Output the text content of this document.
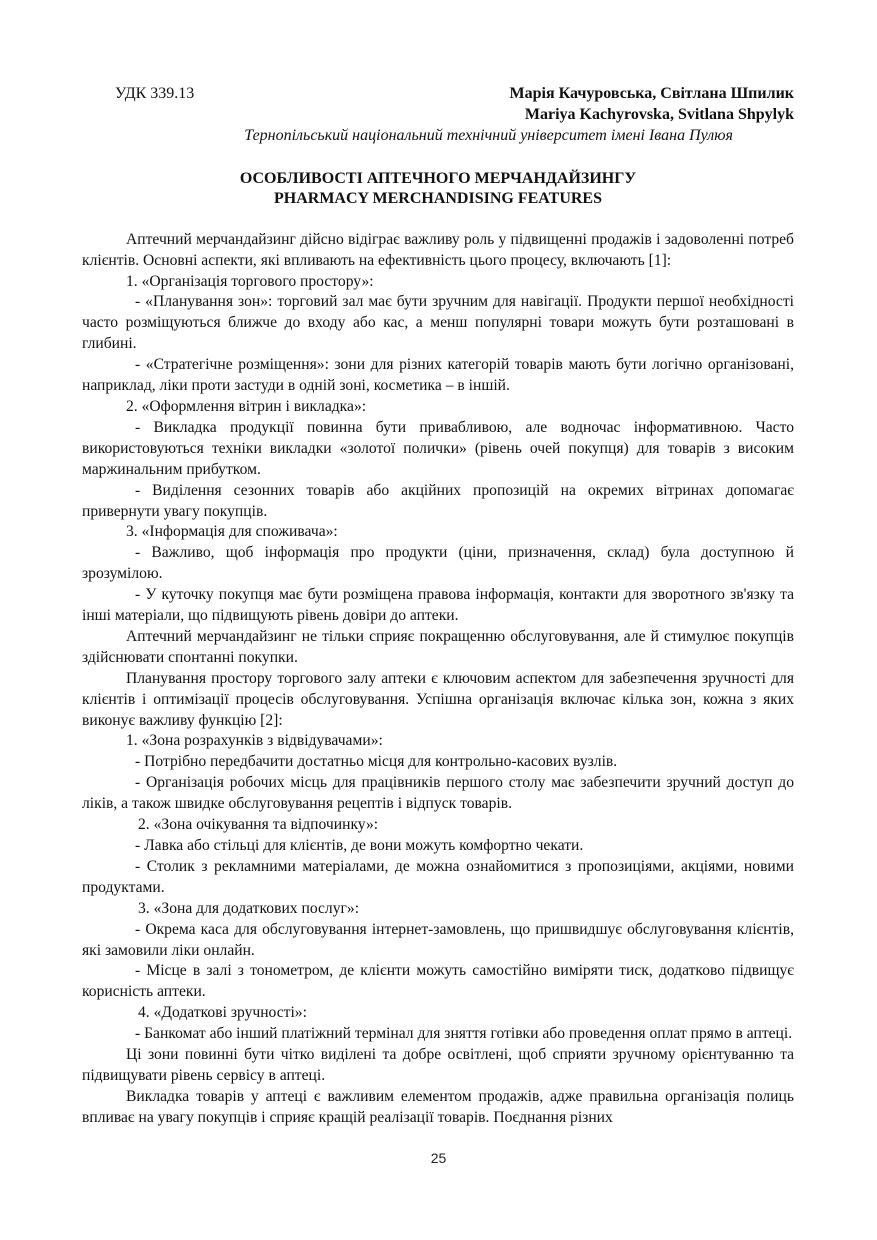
УДК 339.13	Марія Качуровська, Світлана Шпилик
Mariya Kachyrovska, Svitlana Shpylyk
Тернопільський національний технічний університет імені Івана Пулюя
ОСОБЛИВОСТІ АПТЕЧНОГО МЕРЧАНДАЙЗИНГУ
PHARMACY MERCHANDISING FEATURES

Аптечний мерчандайзинг дійсно відіграє важливу роль у підвищенні продажів і задоволенні потреб клієнтів. Основні аспекти, які впливають на ефективність цього процесу, включають [1]:

1. «Організація торгового простору»:

- «Планування зон»: торговий зал має бути зручним для навігації. Продукти першої необхідності часто розміщуються ближче до входу або кас, а менш популярні товари можуть бути розташовані в глибині.

- «Стратегічне розміщення»: зони для різних категорій товарів мають бути логічно організовані, наприклад, ліки проти застуди в одній зоні, косметика – в іншій.

2. «Оформлення вітрин і викладка»:

- Викладка продукції повинна бути привабливою, але водночас інформативною. Часто використовуються техніки викладки «золотої полички» (рівень очей покупця) для товарів з високим маржинальним прибутком.

- Виділення сезонних товарів або акційних пропозицій на окремих вітринах допомагає привернути увагу покупців.

3. «Інформація для споживача»:

- Важливо, щоб інформація про продукти (ціни, призначення, склад) була доступною й зрозумілою.

- У куточку покупця має бути розміщена правова інформація, контакти для зворотного зв'язку та інші матеріали, що підвищують рівень довіри до аптеки.

Аптечний мерчандайзинг не тільки сприяє покращенню обслуговування, але й стимулює покупців здійснювати спонтанні покупки.

Планування простору торгового залу аптеки є ключовим аспектом для забезпечення зручності для клієнтів і оптимізації процесів обслуговування. Успішна організація включає кілька зон, кожна з яких виконує важливу функцію [2]:

1. «Зона розрахунків з відвідувачами»:

- Потрібно передбачити достатньо місця для контрольно-касових вузлів.

- Організація робочих місць для працівників першого столу має забезпечити зручний доступ до ліків, а також швидке обслуговування рецептів і відпуск товарів.

2. «Зона очікування та відпочинку»:

- Лавка або стільці для клієнтів, де вони можуть комфортно чекати.

- Столик з рекламними матеріалами, де можна ознайомитися з пропозиціями, акціями, новими продуктами.

3. «Зона для додаткових послуг»:

- Окрема каса для обслуговування інтернет-замовлень, що пришвидшує обслуговування клієнтів, які замовили ліки онлайн.

- Місце в залі з тонометром, де клієнти можуть самостійно виміряти тиск, додатково підвищує корисність аптеки.

4. «Додаткові зручності»:

- Банкомат або інший платіжний термінал для зняття готівки або проведення оплат прямо в аптеці.

Ці зони повинні бути чітко виділені та добре освітлені, щоб сприяти зручному орієнтуванню та підвищувати рівень сервісу в аптеці.

Викладка товарів у аптеці є важливим елементом продажів, адже правильна організація полиць впливає на увагу покупців і сприяє кращій реалізації товарів. Поєднання різних

25
